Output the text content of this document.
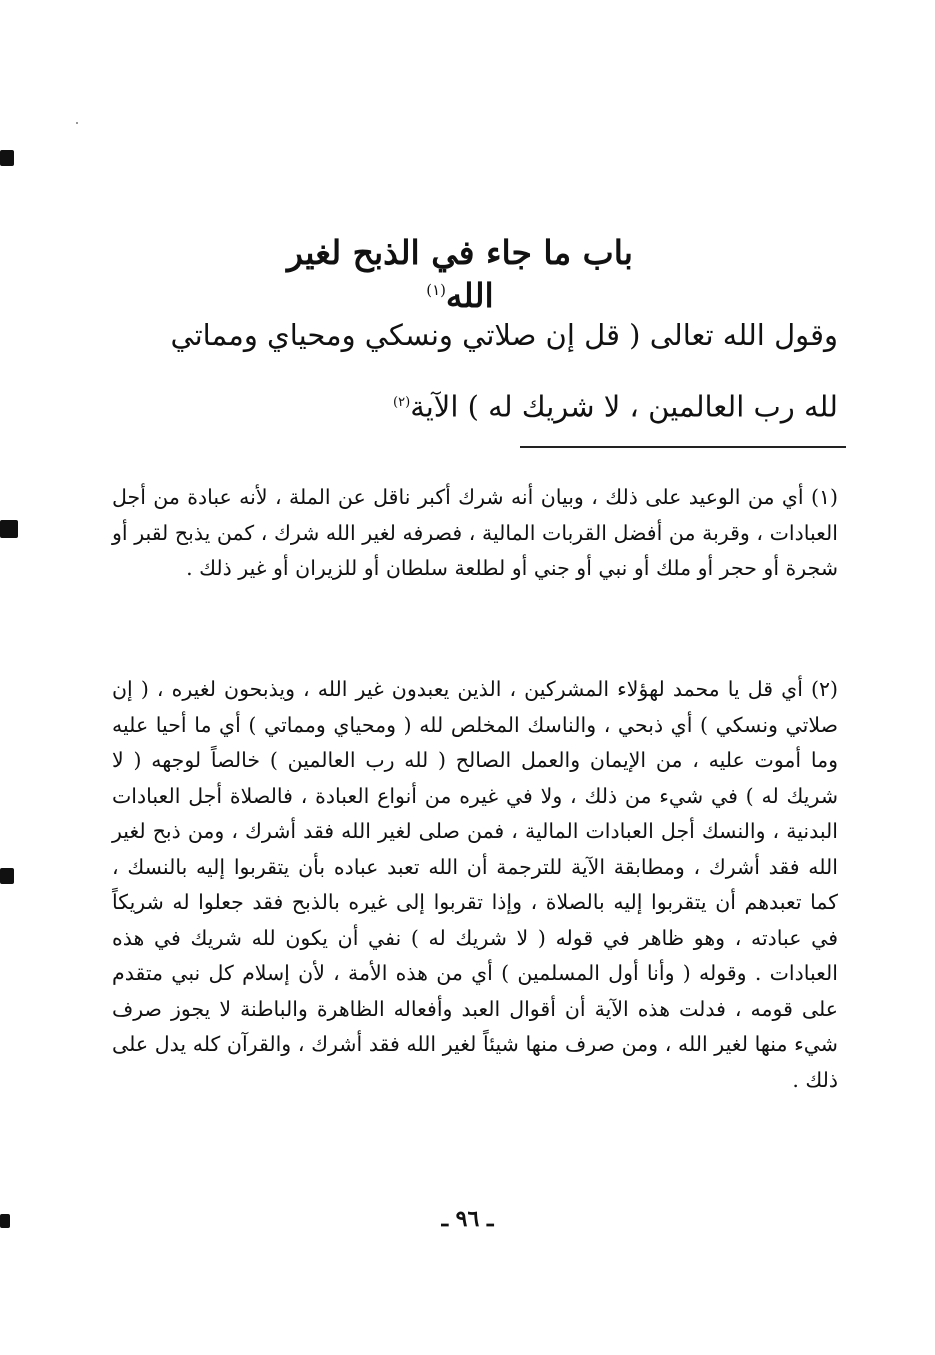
باب ما جاء في الذبح لغير الله$^{(١)}$

وقول الله تعالى ( قل إن صلاتي ونسكي ومحياي ومماتي

لله رب العالمين ، لا شريك له ) الآية$^{(٢)}$

(١) أي من الوعيد على ذلك ، وبيان أنه شرك أكبر ناقل عن الملة ، لأنه عبادة من أجل العبادات ، وقربة من أفضل القربات المالية ، فصرفه لغير الله شرك ، كمن يذبح لقبر أو شجرة أو حجر أو ملك أو نبي أو جني أو لطلعة سلطان أو للزيران أو غير ذلك .

(٢) أي قل يا محمد لهؤلاء المشركين ، الذين يعبدون غير الله ، ويذبحون لغيره ، ( إن صلاتي ونسكي ) أي ذبحي ، والناسك المخلص لله ( ومحياي ومماتي ) أي ما أحيا عليه وما أموت عليه ، من الإيمان والعمل الصالح ( لله رب العالمين ) خالصاً لوجهه ( لا شريك له ) في شيء من ذلك ، ولا في غيره من أنواع العبادة ، فالصلاة أجل العبادات البدنية ، والنسك أجل العبادات المالية ، فمن صلى لغير الله فقد أشرك ، ومن ذبح لغير الله فقد أشرك ، ومطابقة الآية للترجمة أن الله تعبد عباده بأن يتقربوا إليه بالنسك ، كما تعبدهم أن يتقربوا إليه بالصلاة ، وإذا تقربوا إلى غيره بالذبح فقد جعلوا له شريكاً في عبادته ، وهو ظاهر في قوله ( لا شريك له ) نفي أن يكون لله شريك في هذه العبادات . وقوله ( وأنا أول المسلمين ) أي من هذه الأمة ، لأن إسلام كل نبي متقدم على قومه ، فدلت هذه الآية أن أقوال العبد وأفعاله الظاهرة والباطنة لا يجوز صرف شيء منها لغير الله ، ومن صرف منها شيئاً لغير الله فقد أشرك ، والقرآن كله يدل على ذلك .

ـ ٩٦ ـ
